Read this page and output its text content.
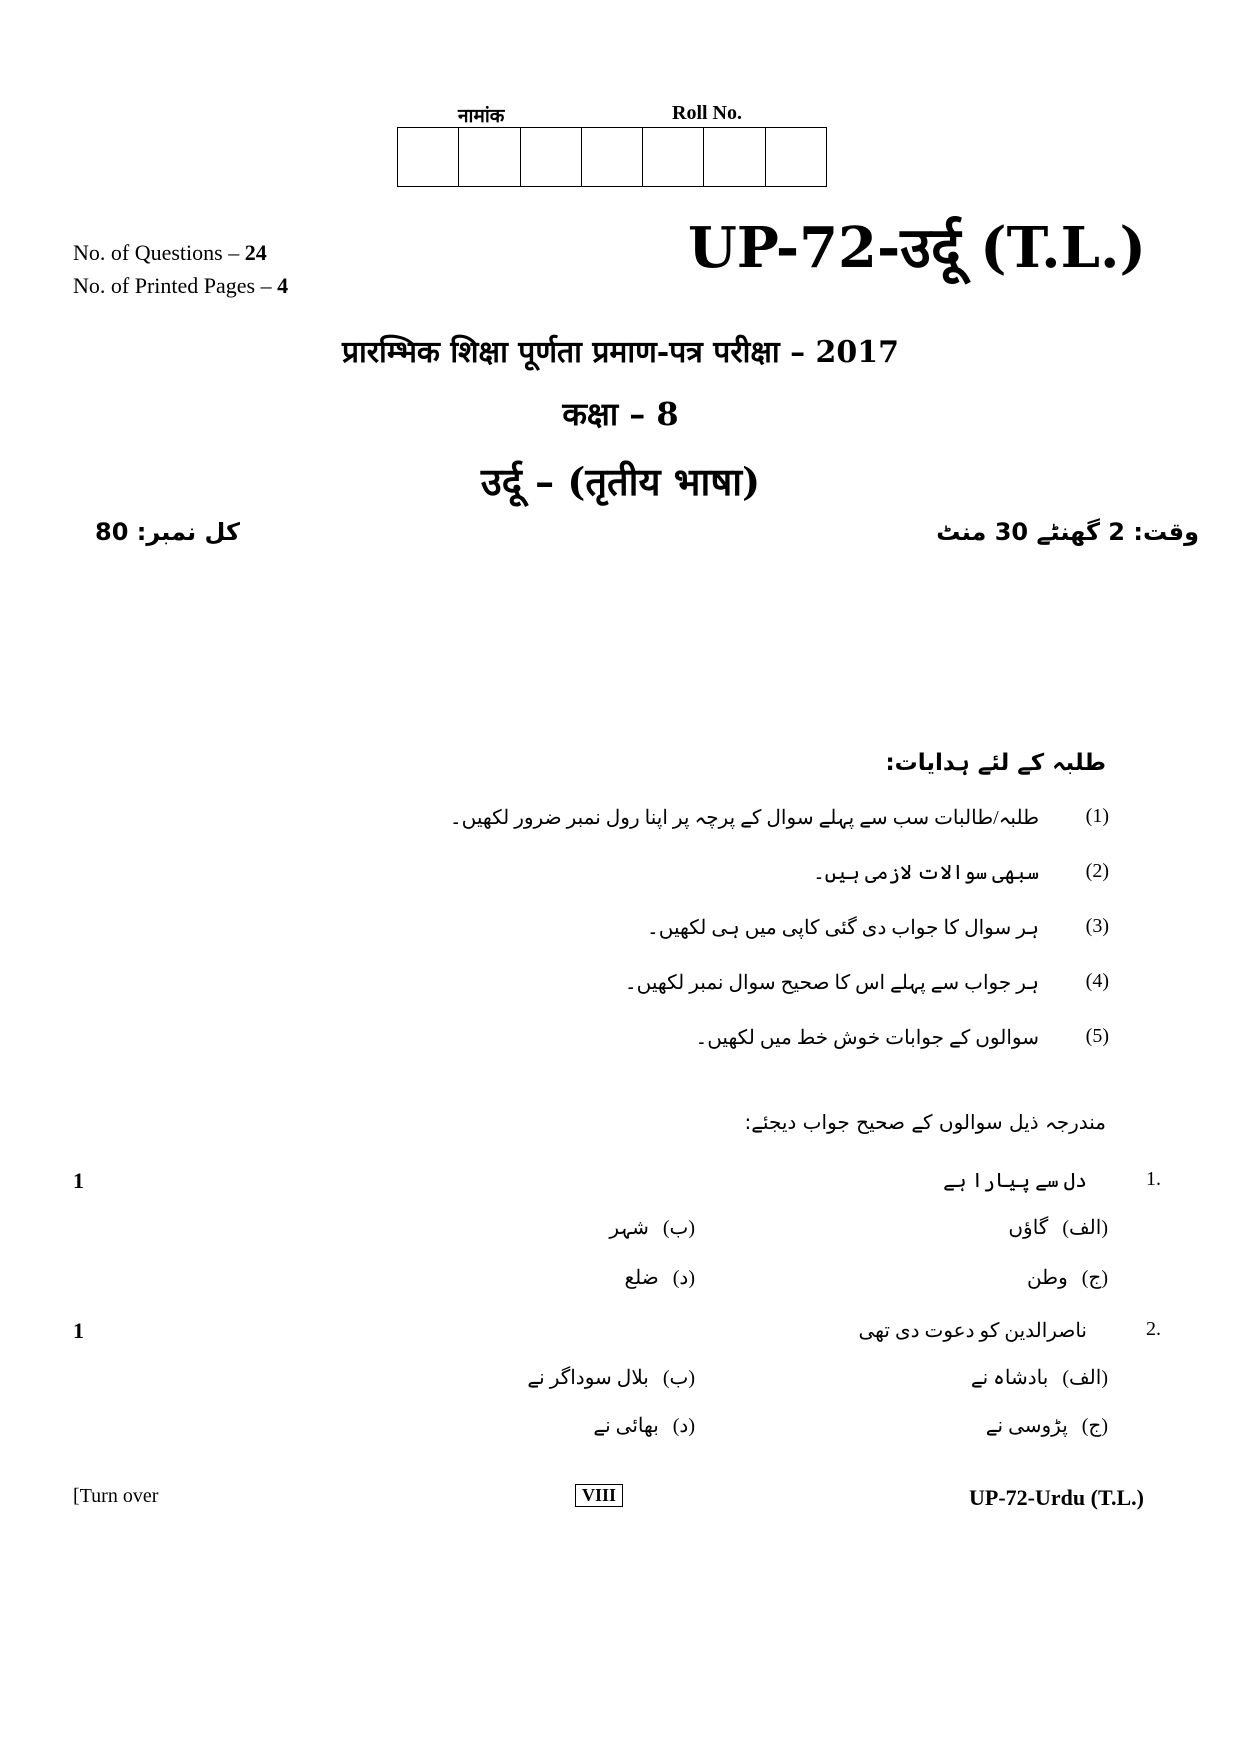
नामांक	Roll No.
No. of Questions – 24
No. of Printed Pages – 4
UP-72-उर्दू (T.L.)
प्रारम्भिक शिक्षा पूर्णता प्रमाण-पत्र परीक्षा – 2017
कक्षा – 8
उर्दू – (तृतीय भाषा)
کل نمبر: 80	وقت: 2 گھنٹے 30 منٹ
طلبہ کے لئے ہدایات:
(1)
طلبہ/طالبات سب سے پہلے سوال کے پرچہ پر اپنا رول نمبر ضرور لکھیں۔
(2)
سبھی سوالات لازمی ہیں۔
(3)
ہر سوال کا جواب دی گئی کاپی میں ہی لکھیں۔
(4)
ہر جواب سے پہلے اس کا صحیح سوال نمبر لکھیں۔
(5)
سوالوں کے جوابات خوش خط میں لکھیں۔
مندرجہ ذیل سوالوں کے صحیح جواب دیجئے:
1.
دل سے پیارا ہے
1
(الف)
گاؤں
(ب)
شہر
(ج)
وطن
(د)
ضلع
2.
ناصرالدین کو دعوت دی تھی
1
(الف)
بادشاہ نے
(ب)
بلال سوداگر نے
(ج)
پڑوسی نے
(د)
بھائی نے
[Turn over	VIII	UP-72-Urdu (T.L.)
